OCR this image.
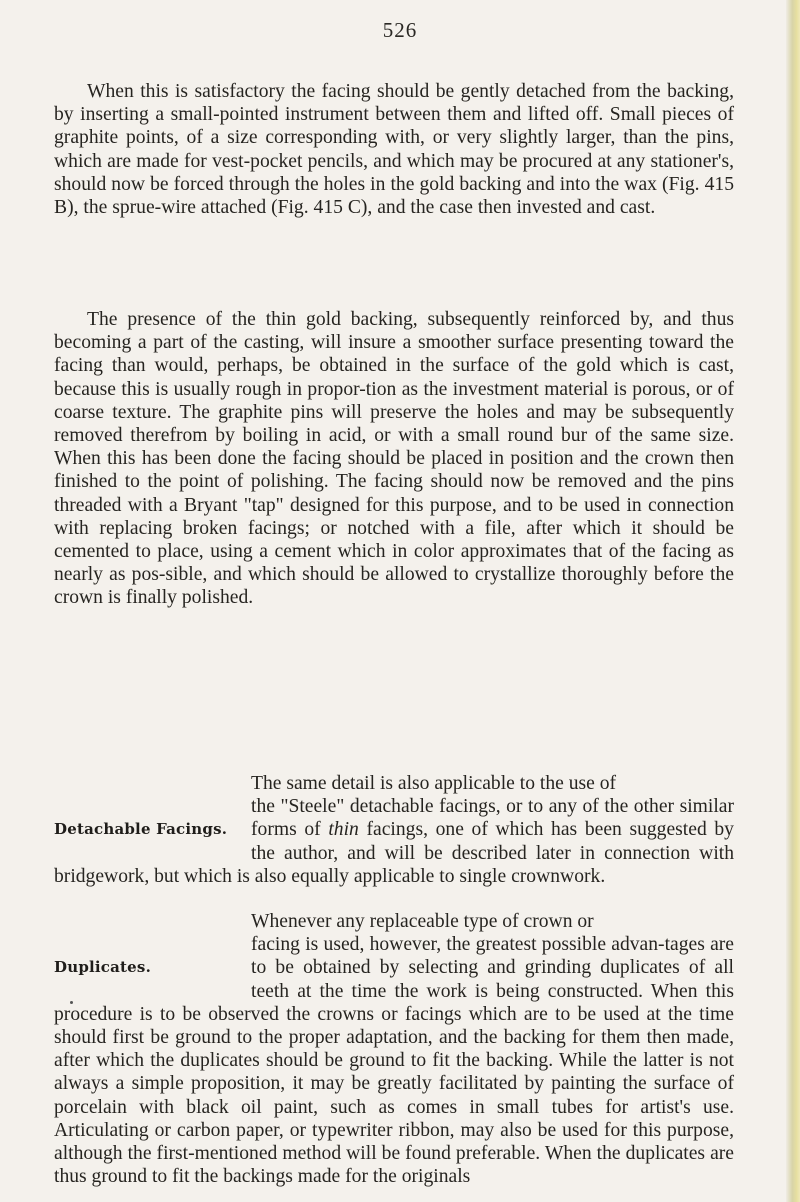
526

When this is satisfactory the facing should be gently detached from the backing, by inserting a small-pointed instrument between them and lifted off. Small pieces of graphite points, of a size corresponding with, or very slightly larger, than the pins, which are made for vest-pocket pencils, and which may be procured at any stationer's, should now be forced through the holes in the gold backing and into the wax (Fig. 415 B), the sprue-wire attached (Fig. 415 C), and the case then invested and cast.

The presence of the thin gold backing, subsequently reinforced by, and thus becoming a part of the casting, will insure a smoother surface presenting toward the facing than would, perhaps, be obtained in the surface of the gold which is cast, because this is usually rough in propor-tion as the investment material is porous, or of coarse texture. The graphite pins will preserve the holes and may be subsequently removed therefrom by boiling in acid, or with a small round bur of the same size. When this has been done the facing should be placed in position and the crown then finished to the point of polishing. The facing should now be removed and the pins threaded with a Bryant "tap" designed for this purpose, and to be used in connection with replacing broken facings; or notched with a file, after which it should be cemented to place, using a cement which in color approximates that of the facing as nearly as pos-sible, and which should be allowed to crystallize thoroughly before the crown is finally polished.

The same detail is also applicable to the use of
Detachable Facings.
the "Steele" detachable facings, or to any of the other similar forms of thin facings, one of which has been suggested by the author, and will be described later in connection with bridgework, but which is also equally applicable to single crownwork.
Whenever any replaceable type of crown or
Duplicates.
facing is used, however, the greatest possible advan-tages are to be obtained by selecting and grinding duplicates of all teeth at the time the work is being constructed. When this procedure is to be observed the crowns or facings which are to be used at the time should first be ground to the proper adaptation, and the backing for them then made, after which the duplicates should be ground to fit the backing. While the latter is not always a simple proposition, it may be greatly facilitated by painting the surface of porcelain with black oil paint, such as comes in small tubes for artist's use. Articulating or carbon paper, or typewriter ribbon, may also be used for this purpose, although the first-mentioned method will be found preferable. When the duplicates are thus ground to fit the backings made for the originals
